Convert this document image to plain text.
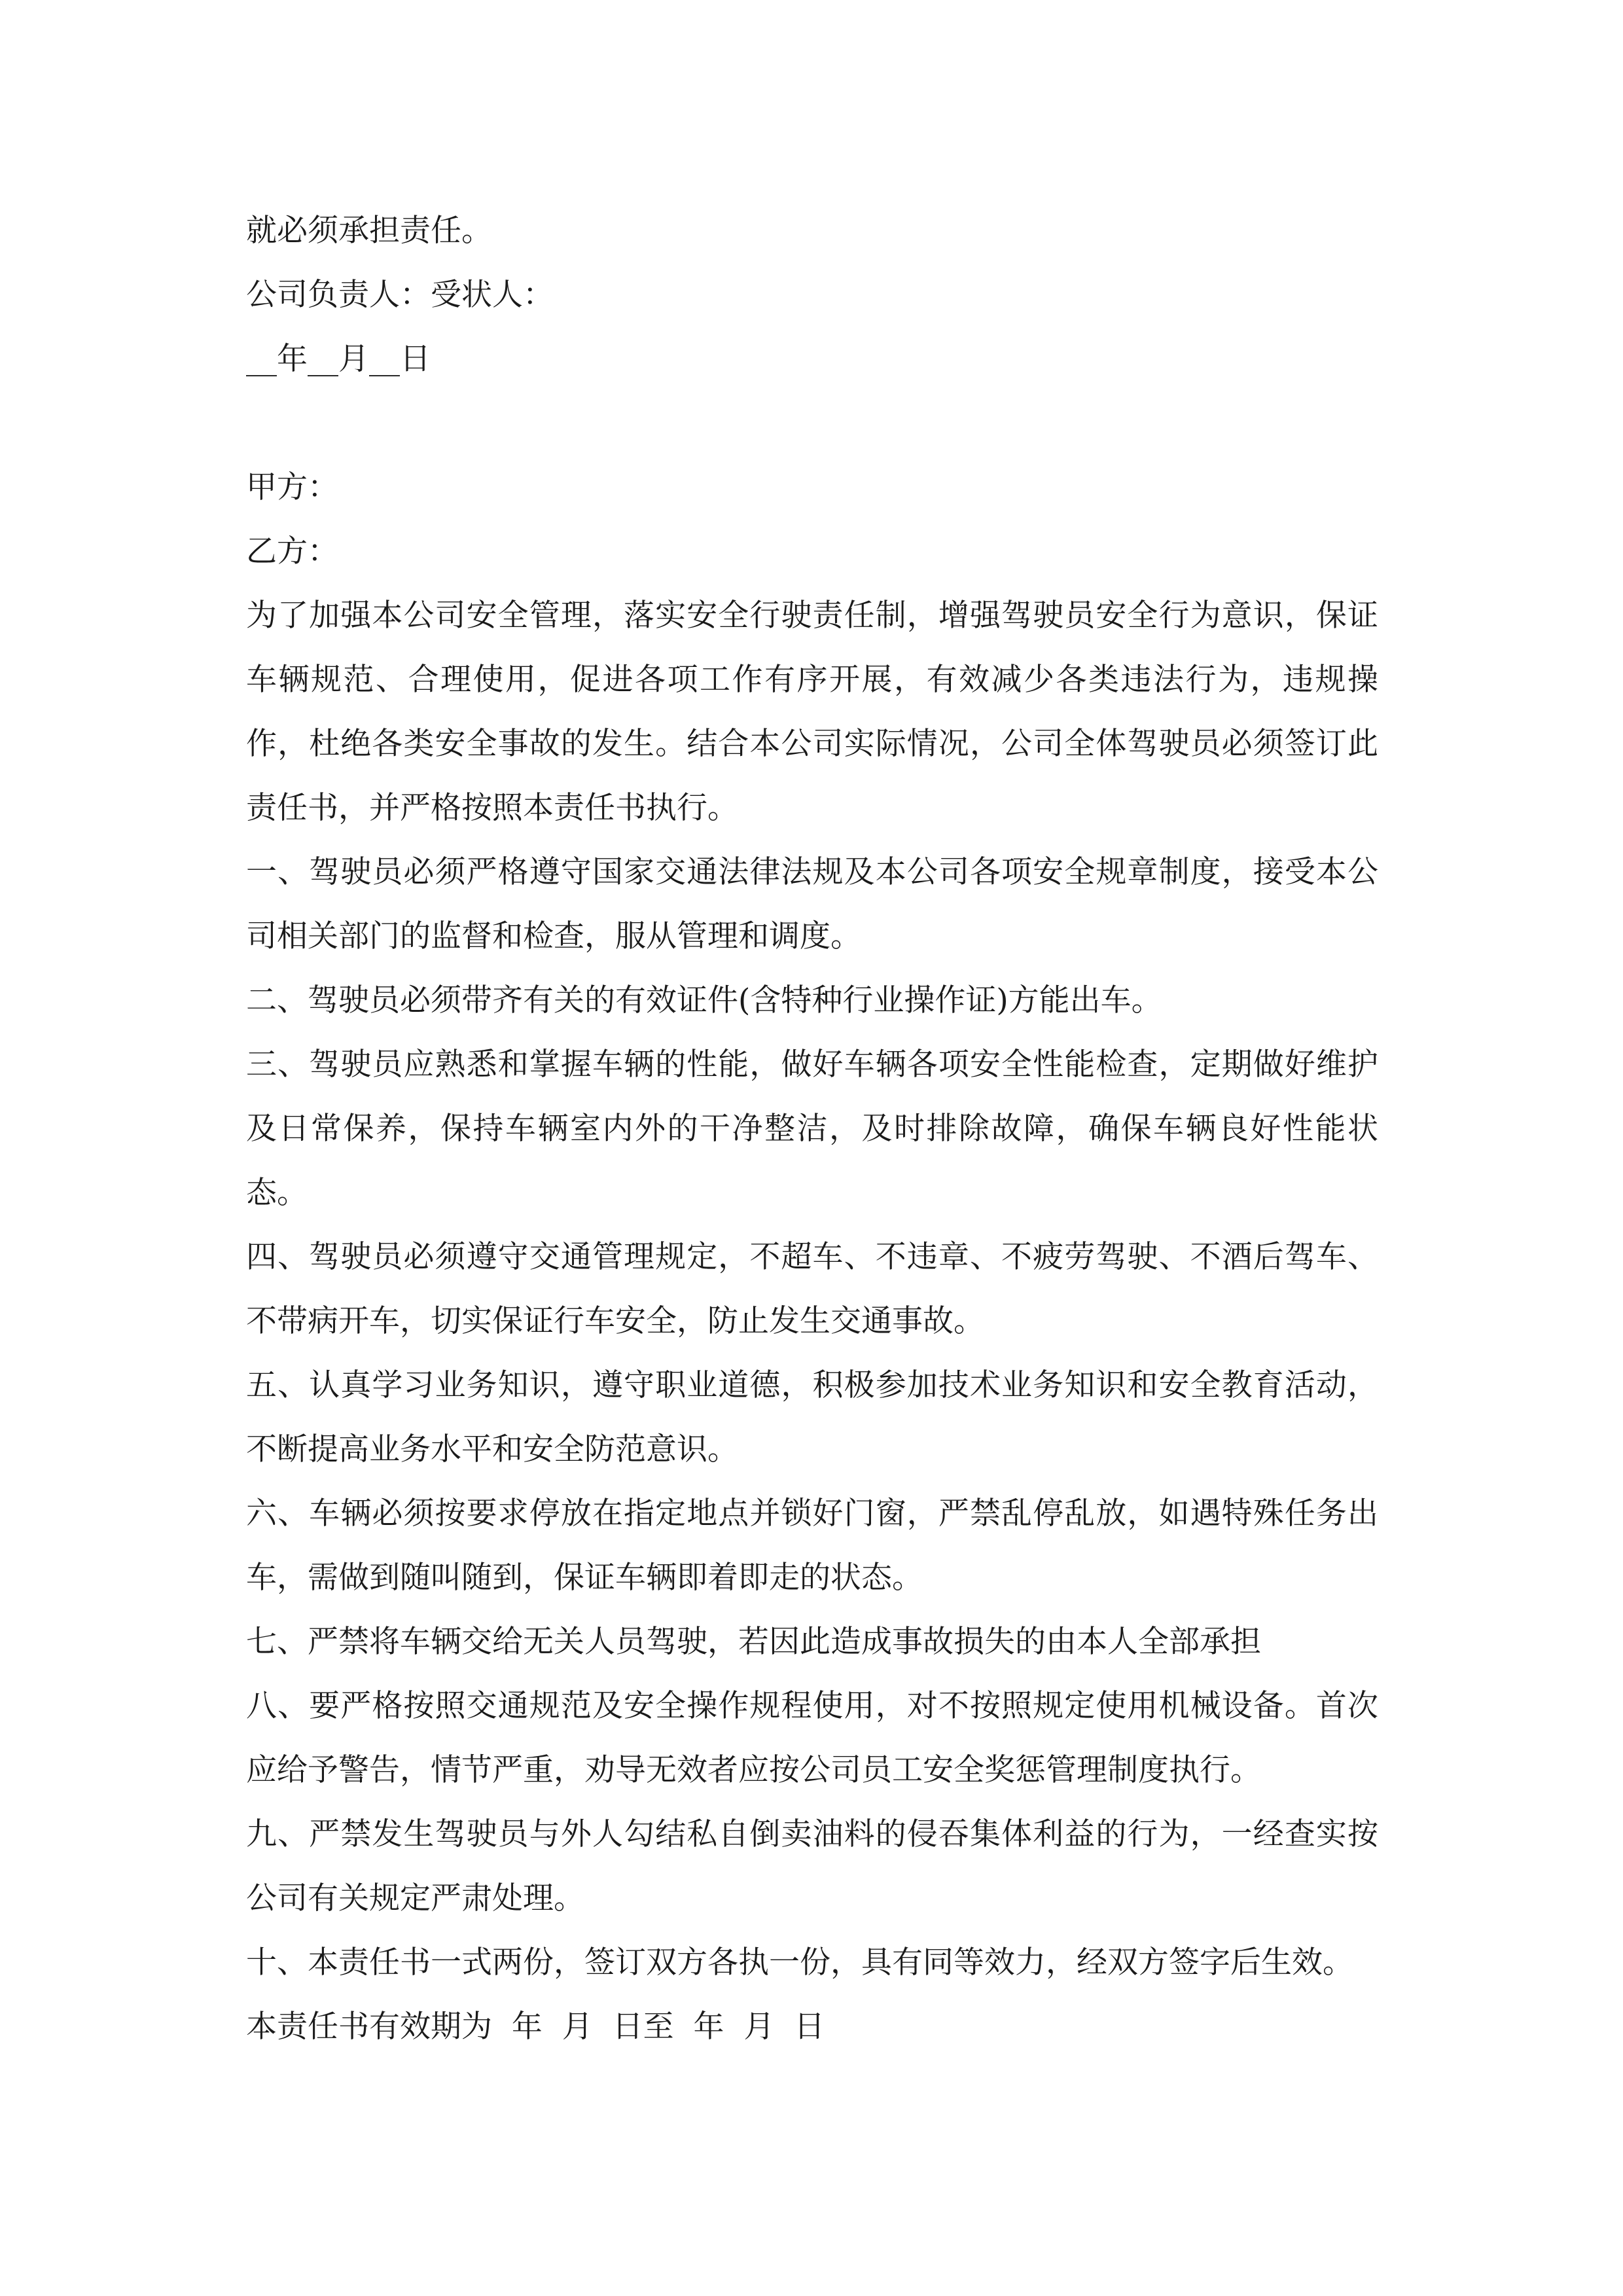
就必须承担责任。

公司负责人：受状人：

__年__月__日

甲方：

乙方：

为了加强本公司安全管理，落实安全行驶责任制，增强驾驶员安全行为意识，保证车辆规范、合理使用，促进各项工作有序开展，有效减少各类违法行为，违规操作，杜绝各类安全事故的发生。结合本公司实际情况，公司全体驾驶员必须签订此责任书，并严格按照本责任书执行。

一、驾驶员必须严格遵守国家交通法律法规及本公司各项安全规章制度，接受本公司相关部门的监督和检查，服从管理和调度。

二、驾驶员必须带齐有关的有效证件(含特种行业操作证)方能出车。

三、驾驶员应熟悉和掌握车辆的性能，做好车辆各项安全性能检查，定期做好维护及日常保养，保持车辆室内外的干净整洁，及时排除故障，确保车辆良好性能状态。

四、驾驶员必须遵守交通管理规定，不超车、不违章、不疲劳驾驶、不酒后驾车、不带病开车，切实保证行车安全，防止发生交通事故。

五、认真学习业务知识，遵守职业道德，积极参加技术业务知识和安全教育活动，不断提高业务水平和安全防范意识。

六、车辆必须按要求停放在指定地点并锁好门窗，严禁乱停乱放，如遇特殊任务出车，需做到随叫随到，保证车辆即着即走的状态。

七、严禁将车辆交给无关人员驾驶，若因此造成事故损失的由本人全部承担

八、要严格按照交通规范及安全操作规程使用，对不按照规定使用机械设备。首次应给予警告，情节严重，劝导无效者应按公司员工安全奖惩管理制度执行。

九、严禁发生驾驶员与外人勾结私自倒卖油料的侵吞集体利益的行为，一经查实按公司有关规定严肃处理。

十、本责任书一式两份，签订双方各执一份，具有同等效力，经双方签字后生效。

本责任书有效期为  年  月  日至  年  月  日
